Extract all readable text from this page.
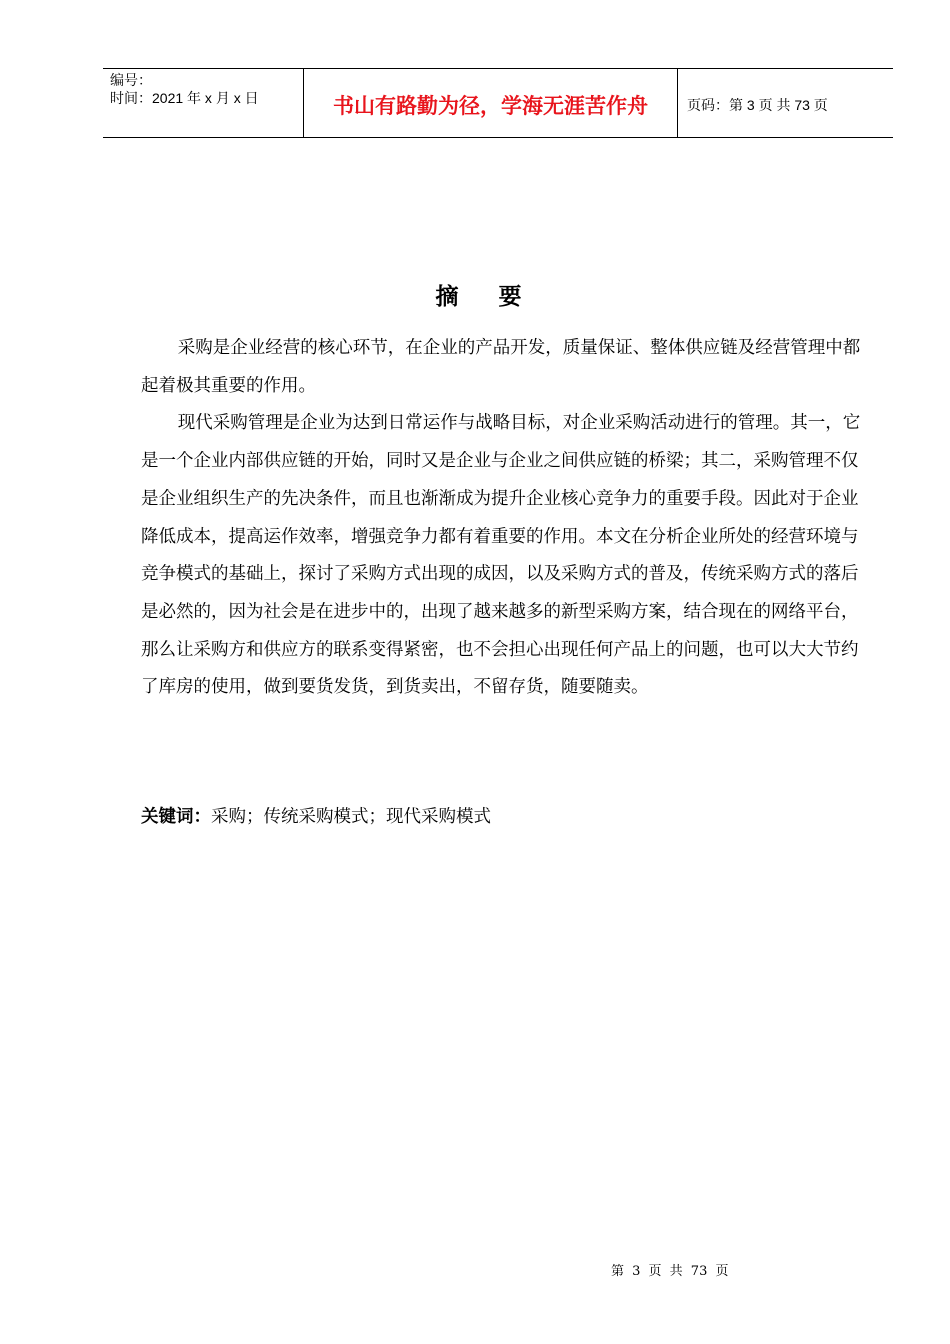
编号：
时间：2021 年 x 月 x 日	书山有路勤为径，学海无涯苦作舟	页码：第 3 页 共 73 页
摘要

采购是企业经营的核心环节，在企业的产品开发，质量保证、整体供应链及经营管理中都起着极其重要的作用。

现代采购管理是企业为达到日常运作与战略目标，对企业采购活动进行的管理。其一，它是一个企业内部供应链的开始，同时又是企业与企业之间供应链的桥梁；其二，采购管理不仅是企业组织生产的先决条件，而且也渐渐成为提升企业核心竞争力的重要手段。因此对于企业降低成本，提高运作效率，增强竞争力都有着重要的作用。本文在分析企业所处的经营环境与竞争模式的基础上，探讨了采购方式出现的成因，以及采购方式的普及，传统采购方式的落后是必然的，因为社会是在进步中的，出现了越来越多的新型采购方案，结合现在的网络平台，那么让采购方和供应方的联系变得紧密，也不会担心出现任何产品上的问题，也可以大大节约了库房的使用，做到要货发货，到货卖出，不留存货，随要随卖。

关键词：采购；传统采购模式；现代采购模式
第 3 页 共 73 页
